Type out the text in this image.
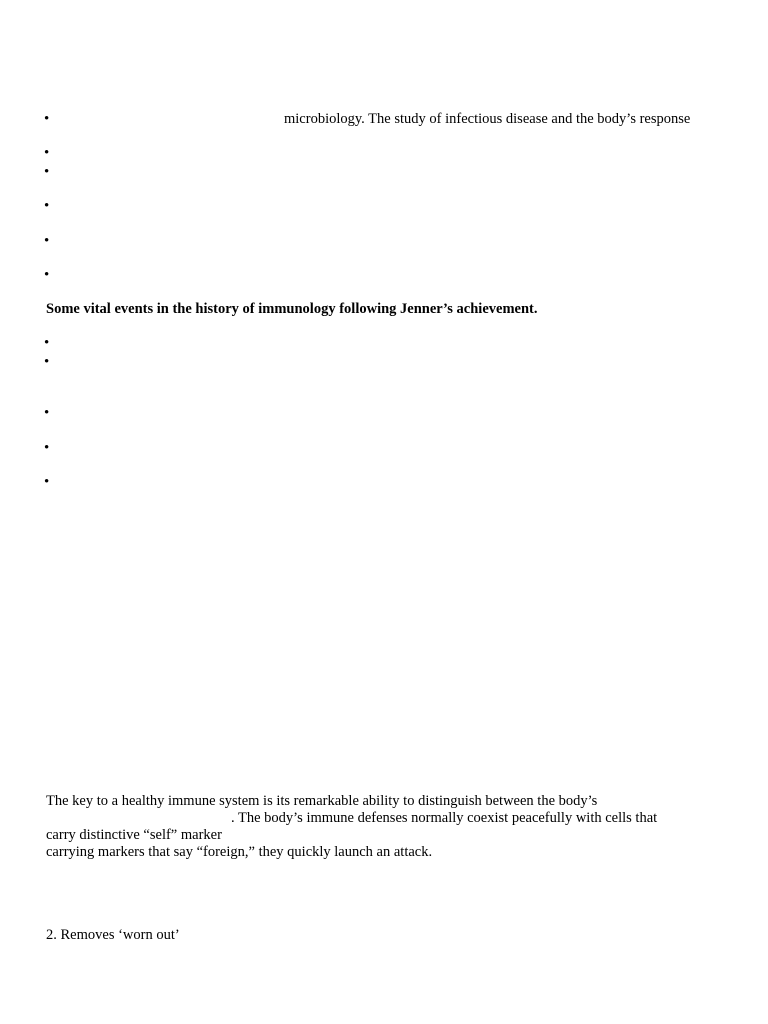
•	microbiology. The study of infectious disease and the body’s response
•
•
•
•
•
Some vital events in the history of immunology following Jenner’s achievement.
•
•
•
•
•
The key to a healthy immune system is its remarkable ability to distinguish between the body’s
. The body’s immune defenses normally coexist peacefully with cells that
carry distinctive “self” marker
carrying markers that say “foreign,” they quickly launch an attack.
2. Removes ‘worn out’
